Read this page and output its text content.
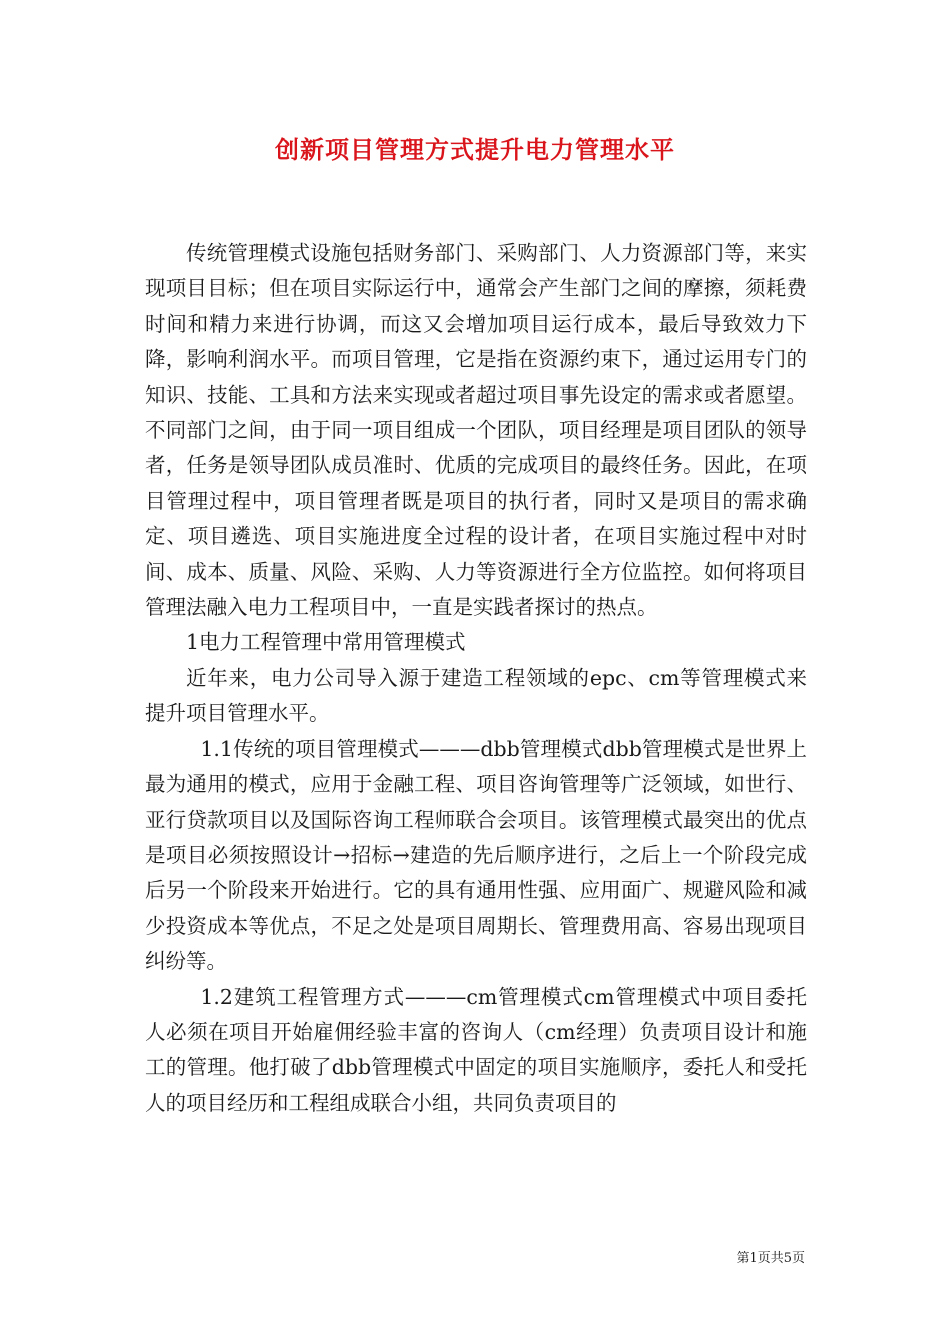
创新项目管理方式提升电力管理水平

传统管理模式设施包括财务部门、采购部门、人力资源部门等，来实现项目目标；但在项目实际运行中，通常会产生部门之间的摩擦，须耗费时间和精力来进行协调，而这又会增加项目运行成本，最后导致效力下降，影响利润水平。而项目管理，它是指在资源约束下，通过运用专门的知识、技能、工具和方法来实现或者超过项目事先设定的需求或者愿望。不同部门之间，由于同一项目组成一个团队，项目经理是项目团队的领导者，任务是领导团队成员准时、优质的完成项目的最终任务。因此，在项目管理过程中，项目管理者既是项目的执行者，同时又是项目的需求确定、项目遴选、项目实施进度全过程的设计者，在项目实施过程中对时间、成本、质量、风险、采购、人力等资源进行全方位监控。如何将项目管理法融入电力工程项目中，一直是实践者探讨的热点。

1电力工程管理中常用管理模式

近年来，电力公司导入源于建造工程领域的epc、cm等管理模式来提升项目管理水平。

1.1传统的项目管理模式———dbb管理模式dbb管理模式是世界上最为通用的模式，应用于金融工程、项目咨询管理等广泛领域，如世行、亚行贷款项目以及国际咨询工程师联合会项目。该管理模式最突出的优点是项目必须按照设计→招标→建造的先后顺序进行，之后上一个阶段完成后另一个阶段来开始进行。它的具有通用性强、应用面广、规避风险和减少投资成本等优点，不足之处是项目周期长、管理费用高、容易出现项目纠纷等。

1.2建筑工程管理方式———cm管理模式cm管理模式中项目委托人必须在项目开始雇佣经验丰富的咨询人（cm经理）负责项目设计和施工的管理。他打破了dbb管理模式中固定的项目实施顺序，委托人和受托人的项目经历和工程组成联合小组，共同负责项目的

第1页共5页
